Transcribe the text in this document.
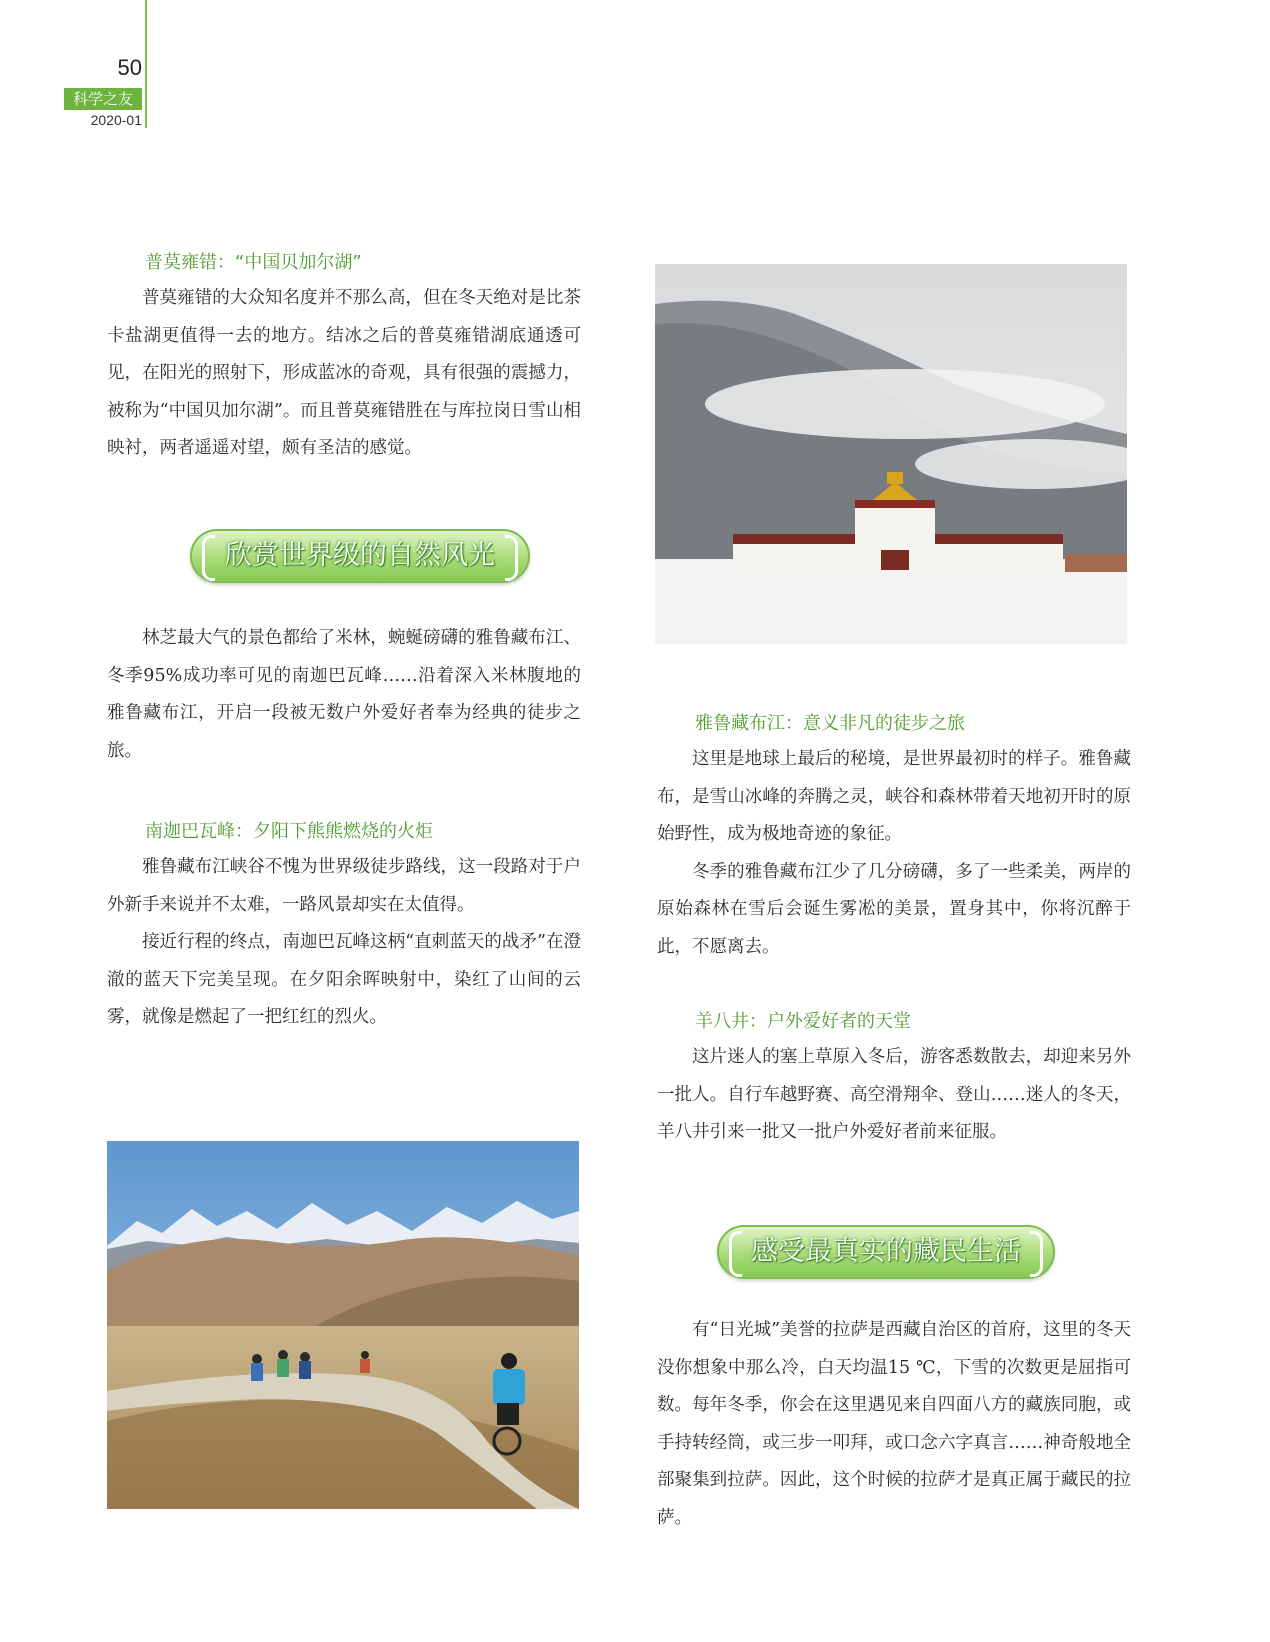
50
科学之友
2020-01
普莫雍错：“中国贝加尔湖”
普莫雍错的大众知名度并不那么高，但在冬天绝对是比茶卡盐湖更值得一去的地方。结冰之后的普莫雍错湖底通透可见，在阳光的照射下，形成蓝冰的奇观，具有很强的震撼力，被称为“中国贝加尔湖”。而且普莫雍错胜在与库拉岗日雪山相映衬，两者遥遥对望，颇有圣洁的感觉。
欣赏世界级的自然风光
林芝最大气的景色都给了米林，蜿蜒磅礴的雅鲁藏布江、冬季95%成功率可见的南迦巴瓦峰……沿着深入米林腹地的雅鲁藏布江，开启一段被无数户外爱好者奉为经典的徒步之旅。
南迦巴瓦峰：夕阳下熊熊燃烧的火炬
雅鲁藏布江峡谷不愧为世界级徒步路线，这一段路对于户外新手来说并不太难，一路风景却实在太值得。
接近行程的终点，南迦巴瓦峰这柄“直刺蓝天的战矛”在澄澈的蓝天下完美呈现。在夕阳余晖映射中，染红了山间的云雾，就像是燃起了一把红红的烈火。
雅鲁藏布江：意义非凡的徒步之旅
这里是地球上最后的秘境，是世界最初时的样子。雅鲁藏布，是雪山冰峰的奔腾之灵，峡谷和森林带着天地初开时的原始野性，成为极地奇迹的象征。
冬季的雅鲁藏布江少了几分磅礴，多了一些柔美，两岸的原始森林在雪后会诞生雾凇的美景，置身其中，你将沉醉于此，不愿离去。
羊八井：户外爱好者的天堂
这片迷人的塞上草原入冬后，游客悉数散去，却迎来另外一批人。自行车越野赛、高空滑翔伞、登山……迷人的冬天，羊八井引来一批又一批户外爱好者前来征服。
感受最真实的藏民生活
有“日光城”美誉的拉萨是西藏自治区的首府，这里的冬天没你想象中那么冷，白天均温15 ℃，下雪的次数更是屈指可数。每年冬季，你会在这里遇见来自四面八方的藏族同胞，或手持转经筒，或三步一叩拜，或口念六字真言……神奇般地全部聚集到拉萨。因此，这个时候的拉萨才是真正属于藏民的拉萨。
